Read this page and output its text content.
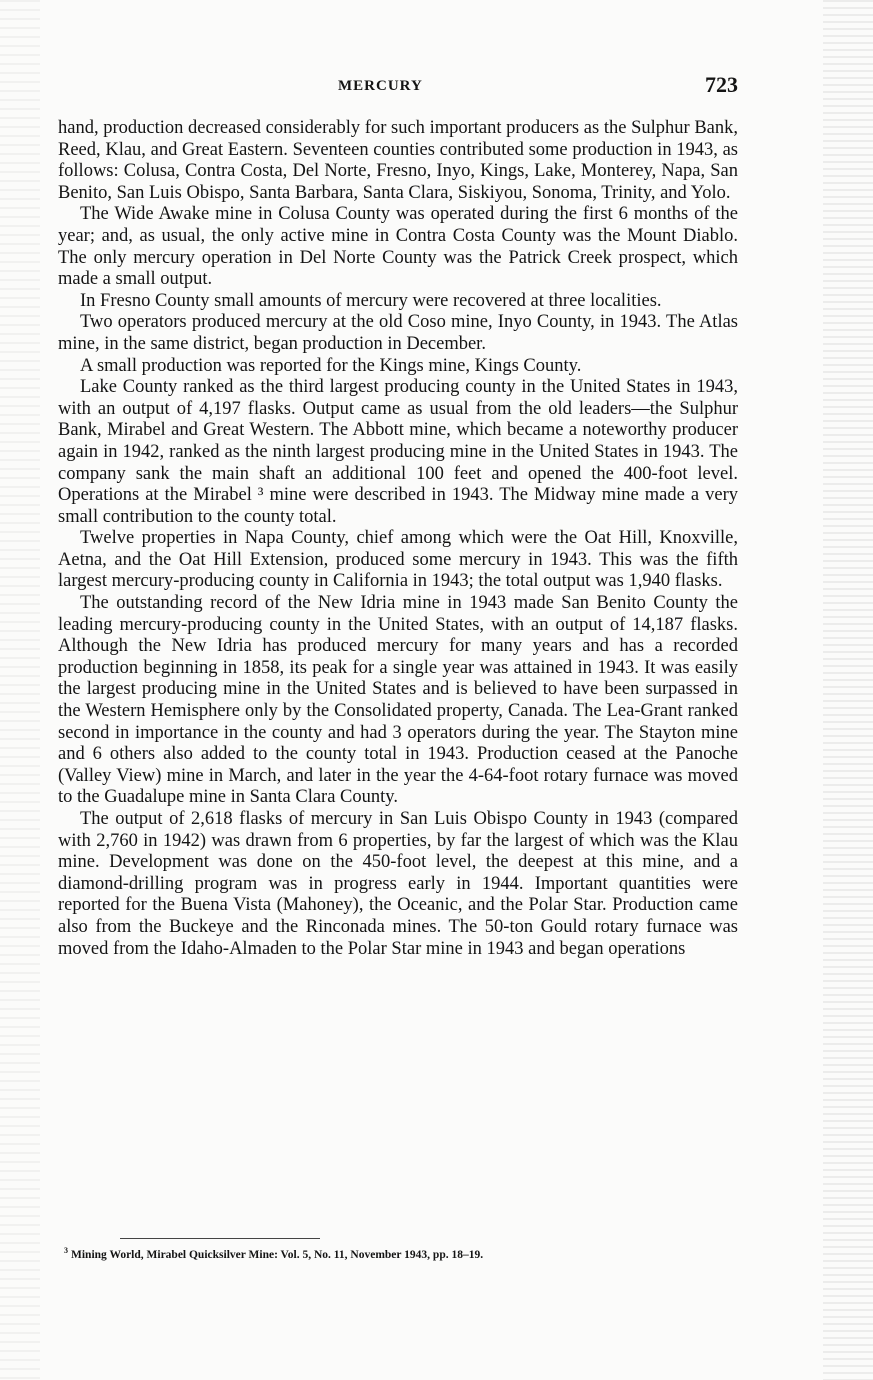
MERCURY	723

hand, production decreased considerably for such important producers as the Sulphur Bank, Reed, Klau, and Great Eastern. Seventeen counties contributed some production in 1943, as follows: Colusa, Contra Costa, Del Norte, Fresno, Inyo, Kings, Lake, Monterey, Napa, San Benito, San Luis Obispo, Santa Barbara, Santa Clara, Siskiyou, Sonoma, Trinity, and Yolo.

The Wide Awake mine in Colusa County was operated during the first 6 months of the year; and, as usual, the only active mine in Contra Costa County was the Mount Diablo. The only mercury operation in Del Norte County was the Patrick Creek prospect, which made a small output.

In Fresno County small amounts of mercury were recovered at three localities.

Two operators produced mercury at the old Coso mine, Inyo County, in 1943. The Atlas mine, in the same district, began production in December.

A small production was reported for the Kings mine, Kings County.

Lake County ranked as the third largest producing county in the United States in 1943, with an output of 4,197 flasks. Output came as usual from the old leaders—the Sulphur Bank, Mirabel and Great Western. The Abbott mine, which became a noteworthy producer again in 1942, ranked as the ninth largest producing mine in the United States in 1943. The company sank the main shaft an additional 100 feet and opened the 400-foot level. Operations at the Mirabel ³ mine were described in 1943. The Midway mine made a very small contribution to the county total.

Twelve properties in Napa County, chief among which were the Oat Hill, Knoxville, Aetna, and the Oat Hill Extension, produced some mercury in 1943. This was the fifth largest mercury-producing county in California in 1943; the total output was 1,940 flasks.

The outstanding record of the New Idria mine in 1943 made San Benito County the leading mercury-producing county in the United States, with an output of 14,187 flasks. Although the New Idria has produced mercury for many years and has a recorded production beginning in 1858, its peak for a single year was attained in 1943. It was easily the largest producing mine in the United States and is believed to have been surpassed in the Western Hemisphere only by the Consolidated property, Canada. The Lea-Grant ranked second in importance in the county and had 3 operators during the year. The Stayton mine and 6 others also added to the county total in 1943. Production ceased at the Panoche (Valley View) mine in March, and later in the year the 4-64-foot rotary furnace was moved to the Guadalupe mine in Santa Clara County.

The output of 2,618 flasks of mercury in San Luis Obispo County in 1943 (compared with 2,760 in 1942) was drawn from 6 properties, by far the largest of which was the Klau mine. Development was done on the 450-foot level, the deepest at this mine, and a diamond-drilling program was in progress early in 1944. Important quantities were reported for the Buena Vista (Mahoney), the Oceanic, and the Polar Star. Production came also from the Buckeye and the Rinconada mines. The 50-ton Gould rotary furnace was moved from the Idaho-Almaden to the Polar Star mine in 1943 and began operations

$^3$ Mining World, Mirabel Quicksilver Mine: Vol. 5, No. 11, November 1943, pp. 18–19.
